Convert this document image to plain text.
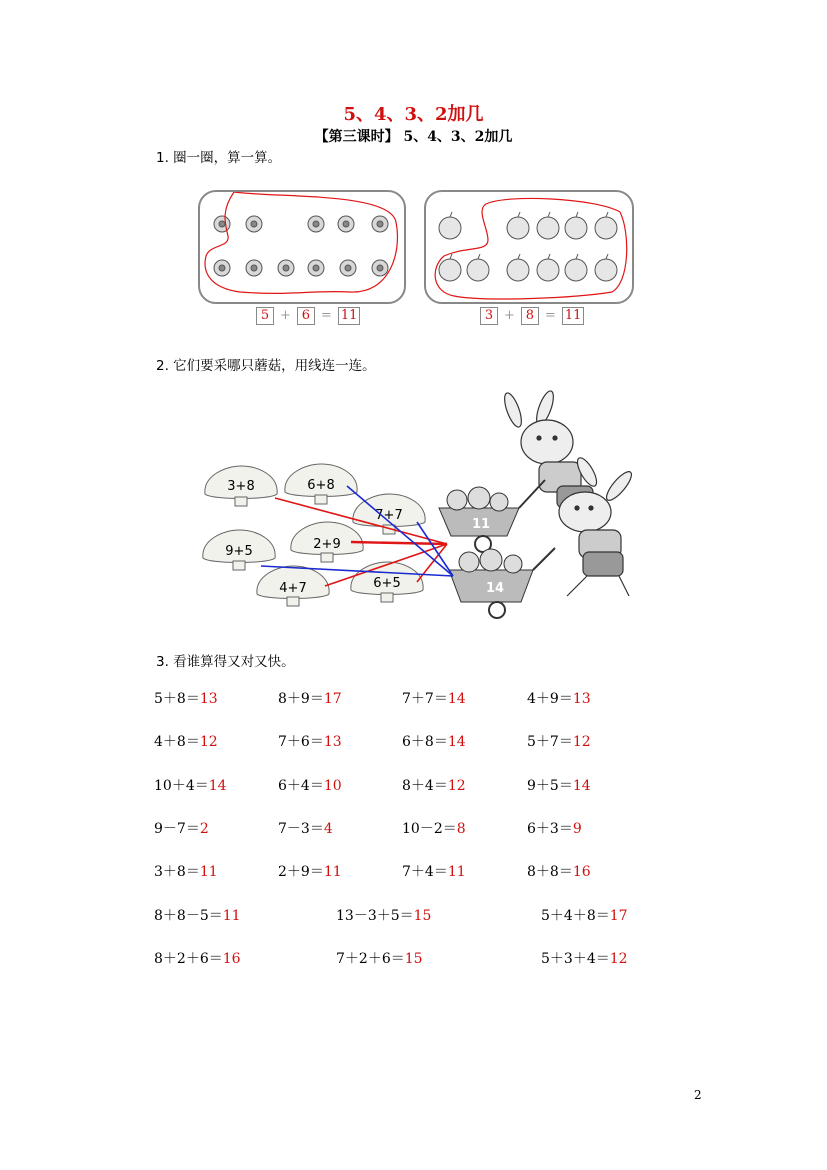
5、4、3、2加几
【第三课时】 5、4、3、2加几
1. 圈一圈，算一算。
5 + 6 = 11	3 + 8 = 11
2. 它们要采哪只蘑菇，用线连一连。
3+8	6+8
7+7
2+9
9+5
4+7	6+5
11
14
3. 看谁算得又对又快。
5＋8＝13	8＋9＝17	7＋7＝14	4＋9＝13
4＋8＝12	7＋6＝13	6＋8＝14	5＋7＝12
10＋4＝14	6＋4＝10	8＋4＝12	9＋5＝14
9－7＝2	7－3＝4	10－2＝8	6＋3＝9
3＋8＝11	2＋9＝11	7＋4＝11	8＋8＝16
8＋8－5＝11	13－3＋5＝15	5＋4＋8＝17
8＋2＋6＝16	7＋2＋6＝15	5＋3＋4＝12
2
